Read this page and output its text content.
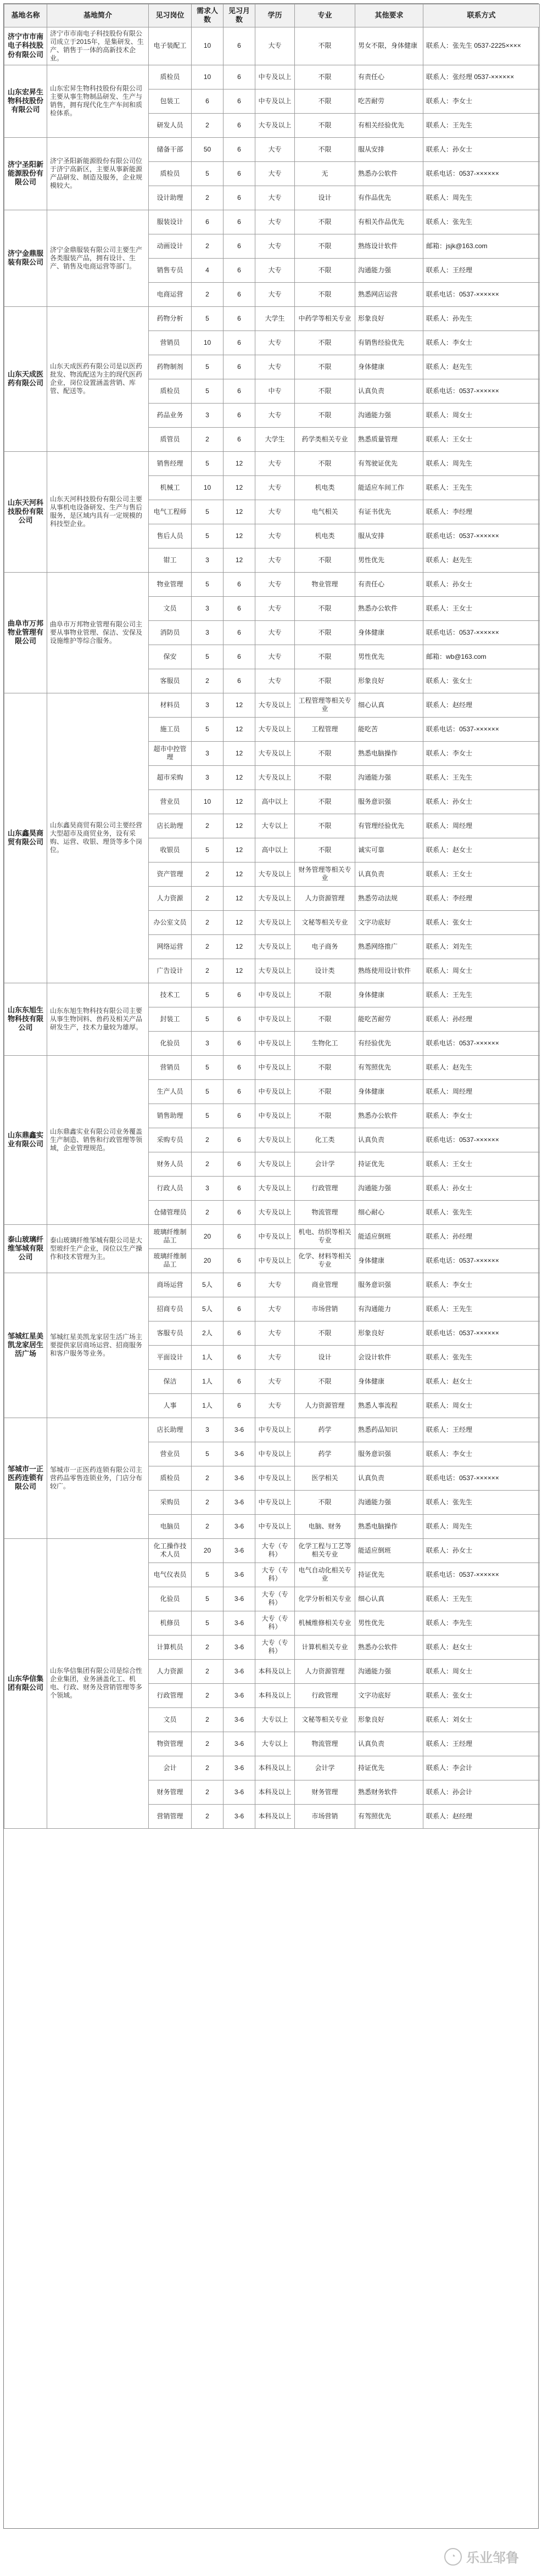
基地名称	基地简介	见习岗位	需求人数	见习月数	学历	专业	其他要求	联系方式
济宁市市南电子科技股份有限公司	济宁市市南电子科技股份有限公司成立于2015年，是集研发、生产、销售于一体的高新技术企业。	电子装配工	10	6	大专	不限	男女不限，身体健康	联系人：张先生 0537-2225××××
山东宏昇生物科技股份有限公司	山东宏昇生物科技股份有限公司主要从事生物制品研发、生产与销售，拥有现代化生产车间和质检体系。	质检员	10	6	中专及以上	不限	有责任心	联系人：张经理 0537-××××××
		包装工	6	6	中专及以上	不限	吃苦耐劳	联系人：李女士
		研发人员	2	6	大专及以上	不限	有相关经验优先	联系人：王先生
济宁圣阳新能源股份有限公司	济宁圣阳新能源股份有限公司位于济宁高新区，主要从事新能源产品研发、制造及服务，企业规模较大。	储备干部	50	6	大专	不限	服从安排	联系人：孙女士
		质检员	5	6	大专	无	熟悉办公软件	联系电话：0537-××××××
		设计助理	2	6	大专	设计	有作品优先	联系人：周先生
济宁金鼎服装有限公司	济宁金鼎服装有限公司主要生产各类服装产品，拥有设计、生产、销售及电商运营等部门。	服装设计	6	6	大专	不限	有相关作品优先	联系人：张先生
		动画设计	2	6	大专	不限	熟练设计软件	邮箱：jsjk@163.com
		销售专员	4	6	大专	不限	沟通能力强	联系人：王经理
		电商运营	2	6	大专	不限	熟悉网店运营	联系电话：0537-××××××
山东天成医药有限公司	山东天成医药有限公司是以医药批发、物流配送为主的现代医药企业，岗位设置涵盖营销、库管、配送等。	药物分析	5	6	大学生	中药学等相关专业	形象良好	联系人：孙先生
		营销员	10	6	大专	不限	有销售经验优先	联系人：李女士
		药物制剂	5	6	大专	不限	身体健康	联系人：赵先生
		质检员	5	6	中专	不限	认真负责	联系电话：0537-××××××
		药品业务	3	6	大专	不限	沟通能力强	联系人：周女士
		质管员	2	6	大学生	药学类相关专业	熟悉质量管理	联系人：王女士
山东天河科技股份有限公司	山东天河科技股份有限公司主要从事机电设备研发、生产与售后服务，是区域内具有一定规模的科技型企业。	销售经理	5	12	大专	不限	有驾驶证优先	联系人：周先生
		机械工	10	12	大专	机电类	能适应车间工作	联系人：王先生
		电气工程师	5	12	大专	电气相关	有证书优先	联系人：李经理
		售后人员	5	12	大专	机电类	服从安排	联系电话：0537-××××××
		钳工	3	12	大专	不限	男性优先	联系人：赵先生
曲阜市万邦物业管理有限公司	曲阜市万邦物业管理有限公司主要从事物业管理、保洁、安保及设施维护等综合服务。	物业管理	5	6	大专	物业管理	有责任心	联系人：孙女士
		文员	3	6	大专	不限	熟悉办公软件	联系人：王女士
		消防员	3	6	大专	不限	身体健康	联系电话：0537-××××××
		保安	5	6	大专	不限	男性优先	邮箱：wb@163.com
		客服员	2	6	大专	不限	形象良好	联系人：张女士
山东鑫昊商贸有限公司	山东鑫昊商贸有限公司主要经营大型超市及商贸业务，设有采购、运营、收银、理货等多个岗位。	材料员	3	12	大专及以上	工程管理等相关专业	细心认真	联系人：赵经理
		施工员	5	12	大专及以上	工程管理	能吃苦	联系电话：0537-××××××
		超市中控管理	3	12	大专及以上	不限	熟悉电脑操作	联系人：李女士
		超市采购	3	12	大专及以上	不限	沟通能力强	联系人：王先生
		营业员	10	12	高中以上	不限	服务意识强	联系人：孙女士
		店长助理	2	12	大专以上	不限	有管理经验优先	联系人：周经理
		收银员	5	12	高中以上	不限	诚实可靠	联系人：赵女士
		资产管理	2	12	大专及以上	财务管理等相关专业	认真负责	联系人：王女士
		人力资源	2	12	大专及以上	人力资源管理	熟悉劳动法规	联系人：李经理
		办公室文员	2	12	大专及以上	文秘等相关专业	文字功底好	联系人：张女士
		网络运营	2	12	大专及以上	电子商务	熟悉网络推广	联系人：刘先生
		广告设计	2	12	大专及以上	设计类	熟练使用设计软件	联系人：周女士
山东东旭生物科技有限公司	山东东旭生物科技有限公司主要从事生物饲料、兽药及相关产品研发生产，技术力量较为雄厚。	技术工	5	6	中专及以上	不限	身体健康	联系人：王先生
		封装工	5	6	中专及以上	不限	能吃苦耐劳	联系人：孙经理
		化验员	3	6	中专及以上	生物化工	有经验优先	联系电话：0537-××××××
山东鼎鑫实业有限公司	山东鼎鑫实业有限公司业务覆盖生产制造、销售和行政管理等领域，企业管理规范。	营销员	5	6	中专及以上	不限	有驾照优先	联系人：赵先生
		生产人员	5	6	中专及以上	不限	身体健康	联系人：周经理
		销售助理	5	6	中专及以上	不限	熟悉办公软件	联系人：李女士
		采购专员	2	6	大专及以上	化工类	认真负责	联系电话：0537-××××××
		财务人员	2	6	大专及以上	会计学	持证优先	联系人：王女士
		行政人员	3	6	大专及以上	行政管理	沟通能力强	联系人：孙女士
		仓储管理员	2	6	大专及以上	物流管理	细心耐心	联系人：张先生
泰山玻璃纤维邹城有限公司	泰山玻璃纤维邹城有限公司是大型玻纤生产企业，岗位以生产操作和技术管理为主。	玻璃纤维制品工	20	6	中专及以上	机电、纺织等相关专业	能适应倒班	联系人：孙经理
		玻璃纤维制品工	20	6	中专及以上	化学、材料等相关专业	身体健康	联系电话：0537-××××××
邹城红星美凯龙家居生活广场	邹城红星美凯龙家居生活广场主要提供家居商场运营、招商服务和客户服务等业务。	商场运营	5人	6	大专	商业管理	服务意识强	联系人：李女士
		招商专员	5人	6	大专	市场营销	有沟通能力	联系人：王先生
		客服专员	2人	6	大专	不限	形象良好	联系电话：0537-××××××
		平面设计	1人	6	大专	设计	会设计软件	联系人：张先生
		保洁	1人	6	大专	不限	身体健康	联系人：赵女士
		人事	1人	6	大专	人力资源管理	熟悉人事流程	联系人：周女士
邹城市一正医药连锁有限公司	邹城市一正医药连锁有限公司主营药品零售连锁业务，门店分布较广。	店长助理	3	3-6	中专及以上	药学	熟悉药品知识	联系人：王经理
		营业员	5	3-6	中专及以上	药学	服务意识强	联系人：李女士
		质检员	2	3-6	中专及以上	医学相关	认真负责	联系电话：0537-××××××
		采购员	2	3-6	中专及以上	不限	沟通能力强	联系人：张先生
		电脑员	2	3-6	中专及以上	电脑、财务	熟悉电脑操作	联系人：周先生
山东华信集团有限公司	山东华信集团有限公司是综合性企业集团，业务涵盖化工、机电、行政、财务及营销管理等多个领域。	化工操作技术人员	20	3-6	大专（专科）	化学工程与工艺等相关专业	能适应倒班	联系人：孙女士
		电气仪表员	5	3-6	大专（专科）	电气自动化相关专业	持证优先	联系电话：0537-××××××
		化验员	5	3-6	大专（专科）	化学分析相关专业	细心认真	联系人：王先生
		机修员	5	3-6	大专（专科）	机械维修相关专业	男性优先	联系人：李先生
		计算机员	2	3-6	大专（专科）	计算机相关专业	熟悉办公软件	联系人：赵女士
		人力资源	2	3-6	本科及以上	人力资源管理	沟通能力强	联系人：周女士
		行政管理	2	3-6	本科及以上	行政管理	文字功底好	联系人：张女士
		文员	2	3-6	大专以上	文秘等相关专业	形象良好	联系人：刘女士
		物资管理	2	3-6	大专以上	物流管理	认真负责	联系人：王经理
		会计	2	3-6	本科及以上	会计学	持证优先	联系人：李会计
		财务管理	2	3-6	本科及以上	财务管理	熟悉财务软件	联系人：孙会计
		营销管理	2	3-6	本科及以上	市场营销	有驾照优先	联系人：赵经理
◔ 乐业邹鲁
